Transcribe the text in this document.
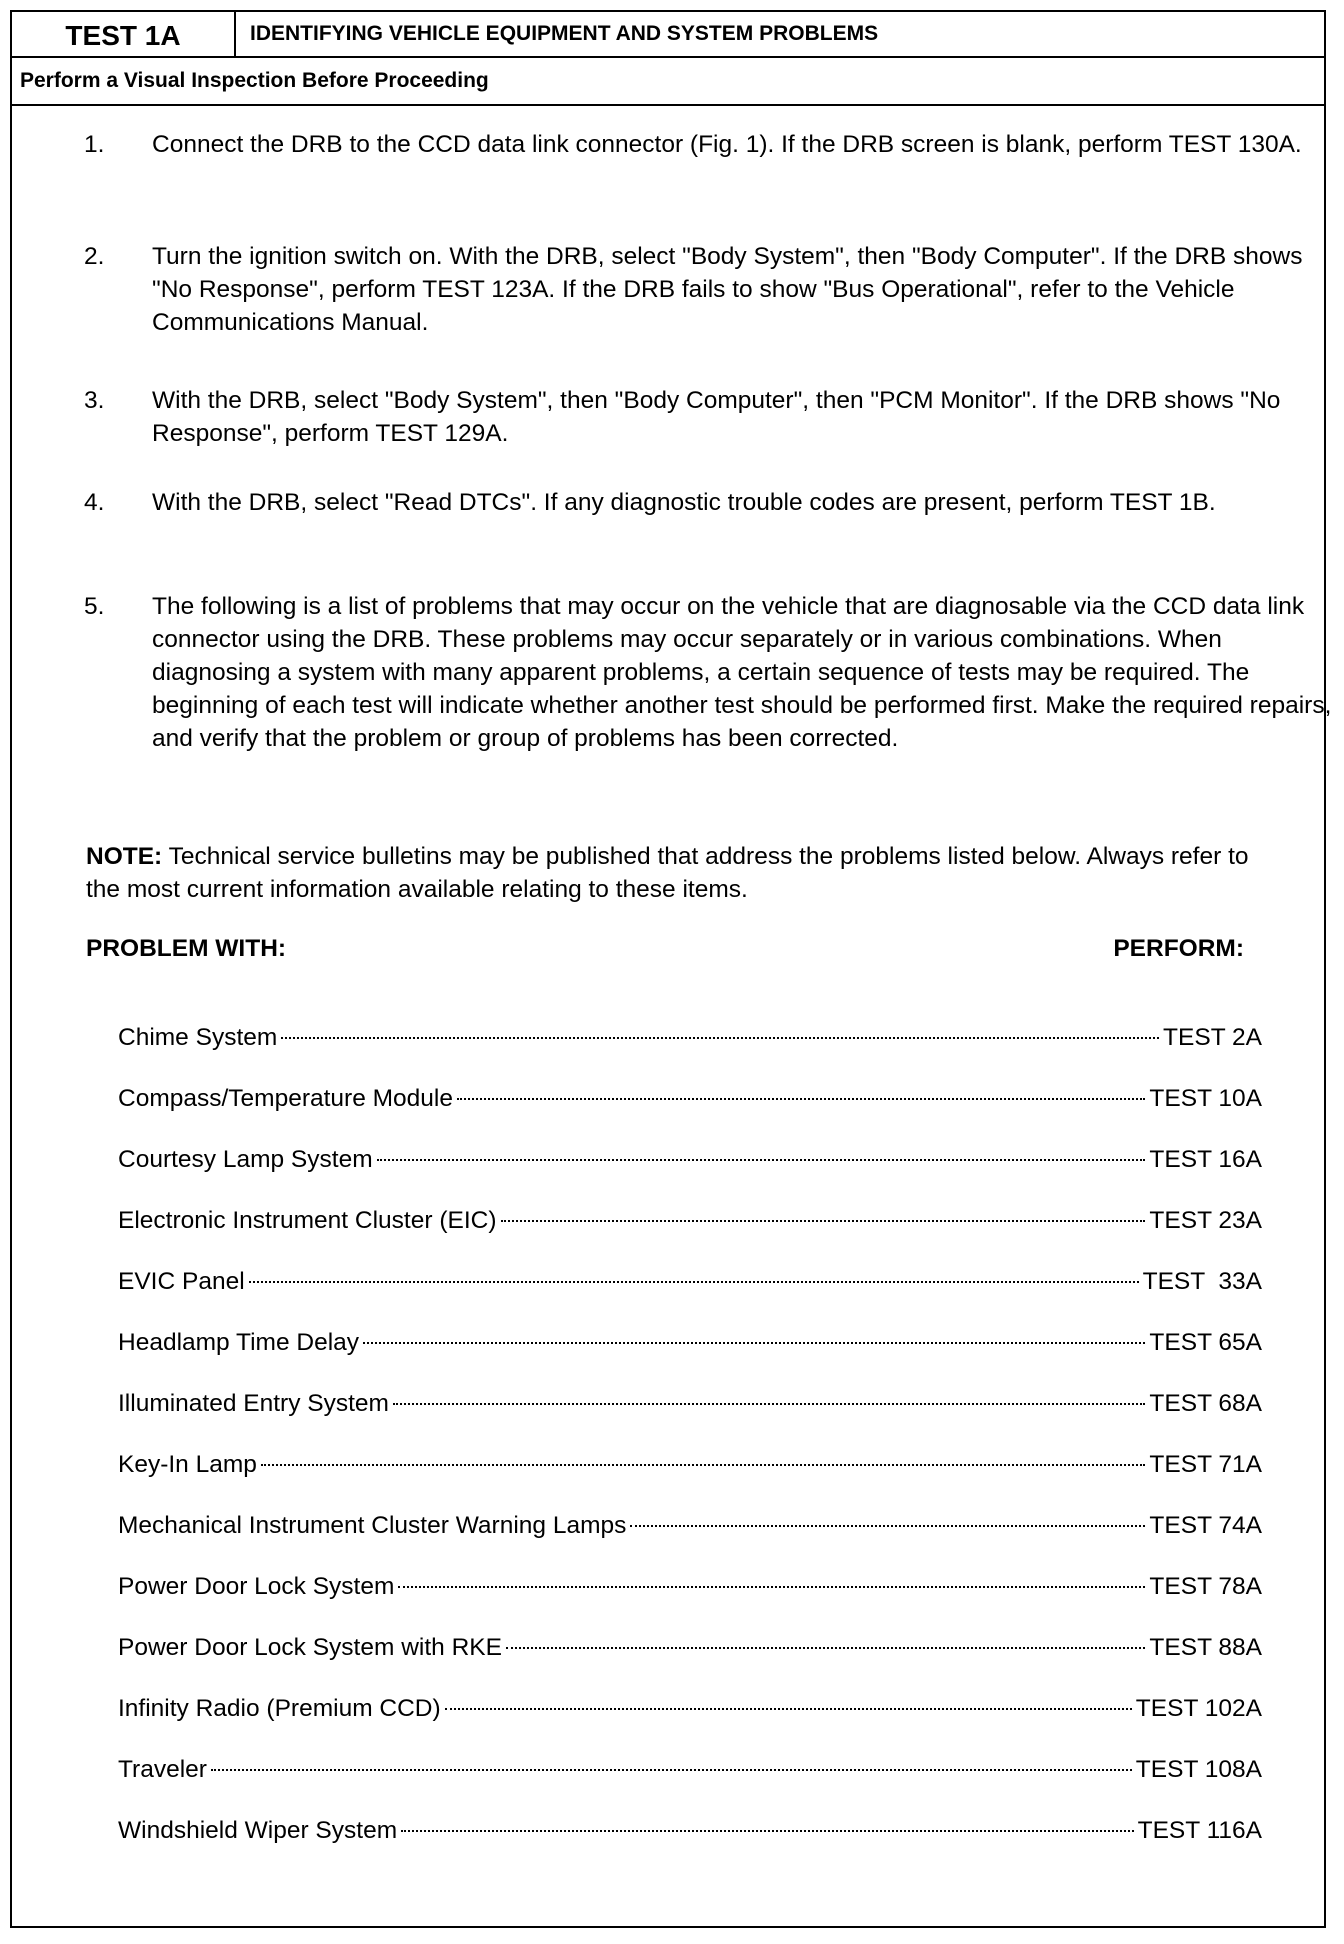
TEST 1A	IDENTIFYING VEHICLE EQUIPMENT AND SYSTEM PROBLEMS
Perform a Visual Inspection Before Proceeding
1.	Connect the DRB to the CCD data link connector (Fig. 1). If the DRB screen is blank, perform TEST 130A.
2.	Turn the ignition switch on. With the DRB, select "Body System", then "Body Computer". If the DRB shows "No Response", perform TEST 123A. If the DRB fails to show "Bus Operational", refer to the Vehicle Communications Manual.
3.	With the DRB, select "Body System", then "Body Computer", then "PCM Monitor". If the DRB shows "No Response", perform TEST 129A.
4.	With the DRB, select "Read DTCs". If any diagnostic trouble codes are present, perform TEST 1B.
5.	The following is a list of problems that may occur on the vehicle that are diagnosable via the CCD data link connector using the DRB. These problems may occur separately or in various combinations. When diagnosing a system with many apparent problems, a certain sequence of tests may be required. The beginning of each test will indicate whether another test should be performed first. Make the required repairs, and verify that the problem or group of problems has been corrected.
NOTE: Technical service bulletins may be published that address the problems listed below. Always refer to the most current information available relating to these items.
PROBLEM WITH:	PERFORM:
Chime System	TEST 2A
Compass/Temperature Module	TEST 10A
Courtesy Lamp System	TEST 16A
Electronic Instrument Cluster (EIC)	TEST 23A
EVIC Panel	TEST  33A
Headlamp Time Delay	TEST 65A
Illuminated Entry System	TEST 68A
Key-In Lamp	TEST 71A
Mechanical Instrument Cluster Warning Lamps	TEST 74A
Power Door Lock System	TEST 78A
Power Door Lock System with RKE	TEST 88A
Infinity Radio (Premium CCD)	TEST 102A
Traveler	TEST 108A
Windshield Wiper System	TEST 116A
